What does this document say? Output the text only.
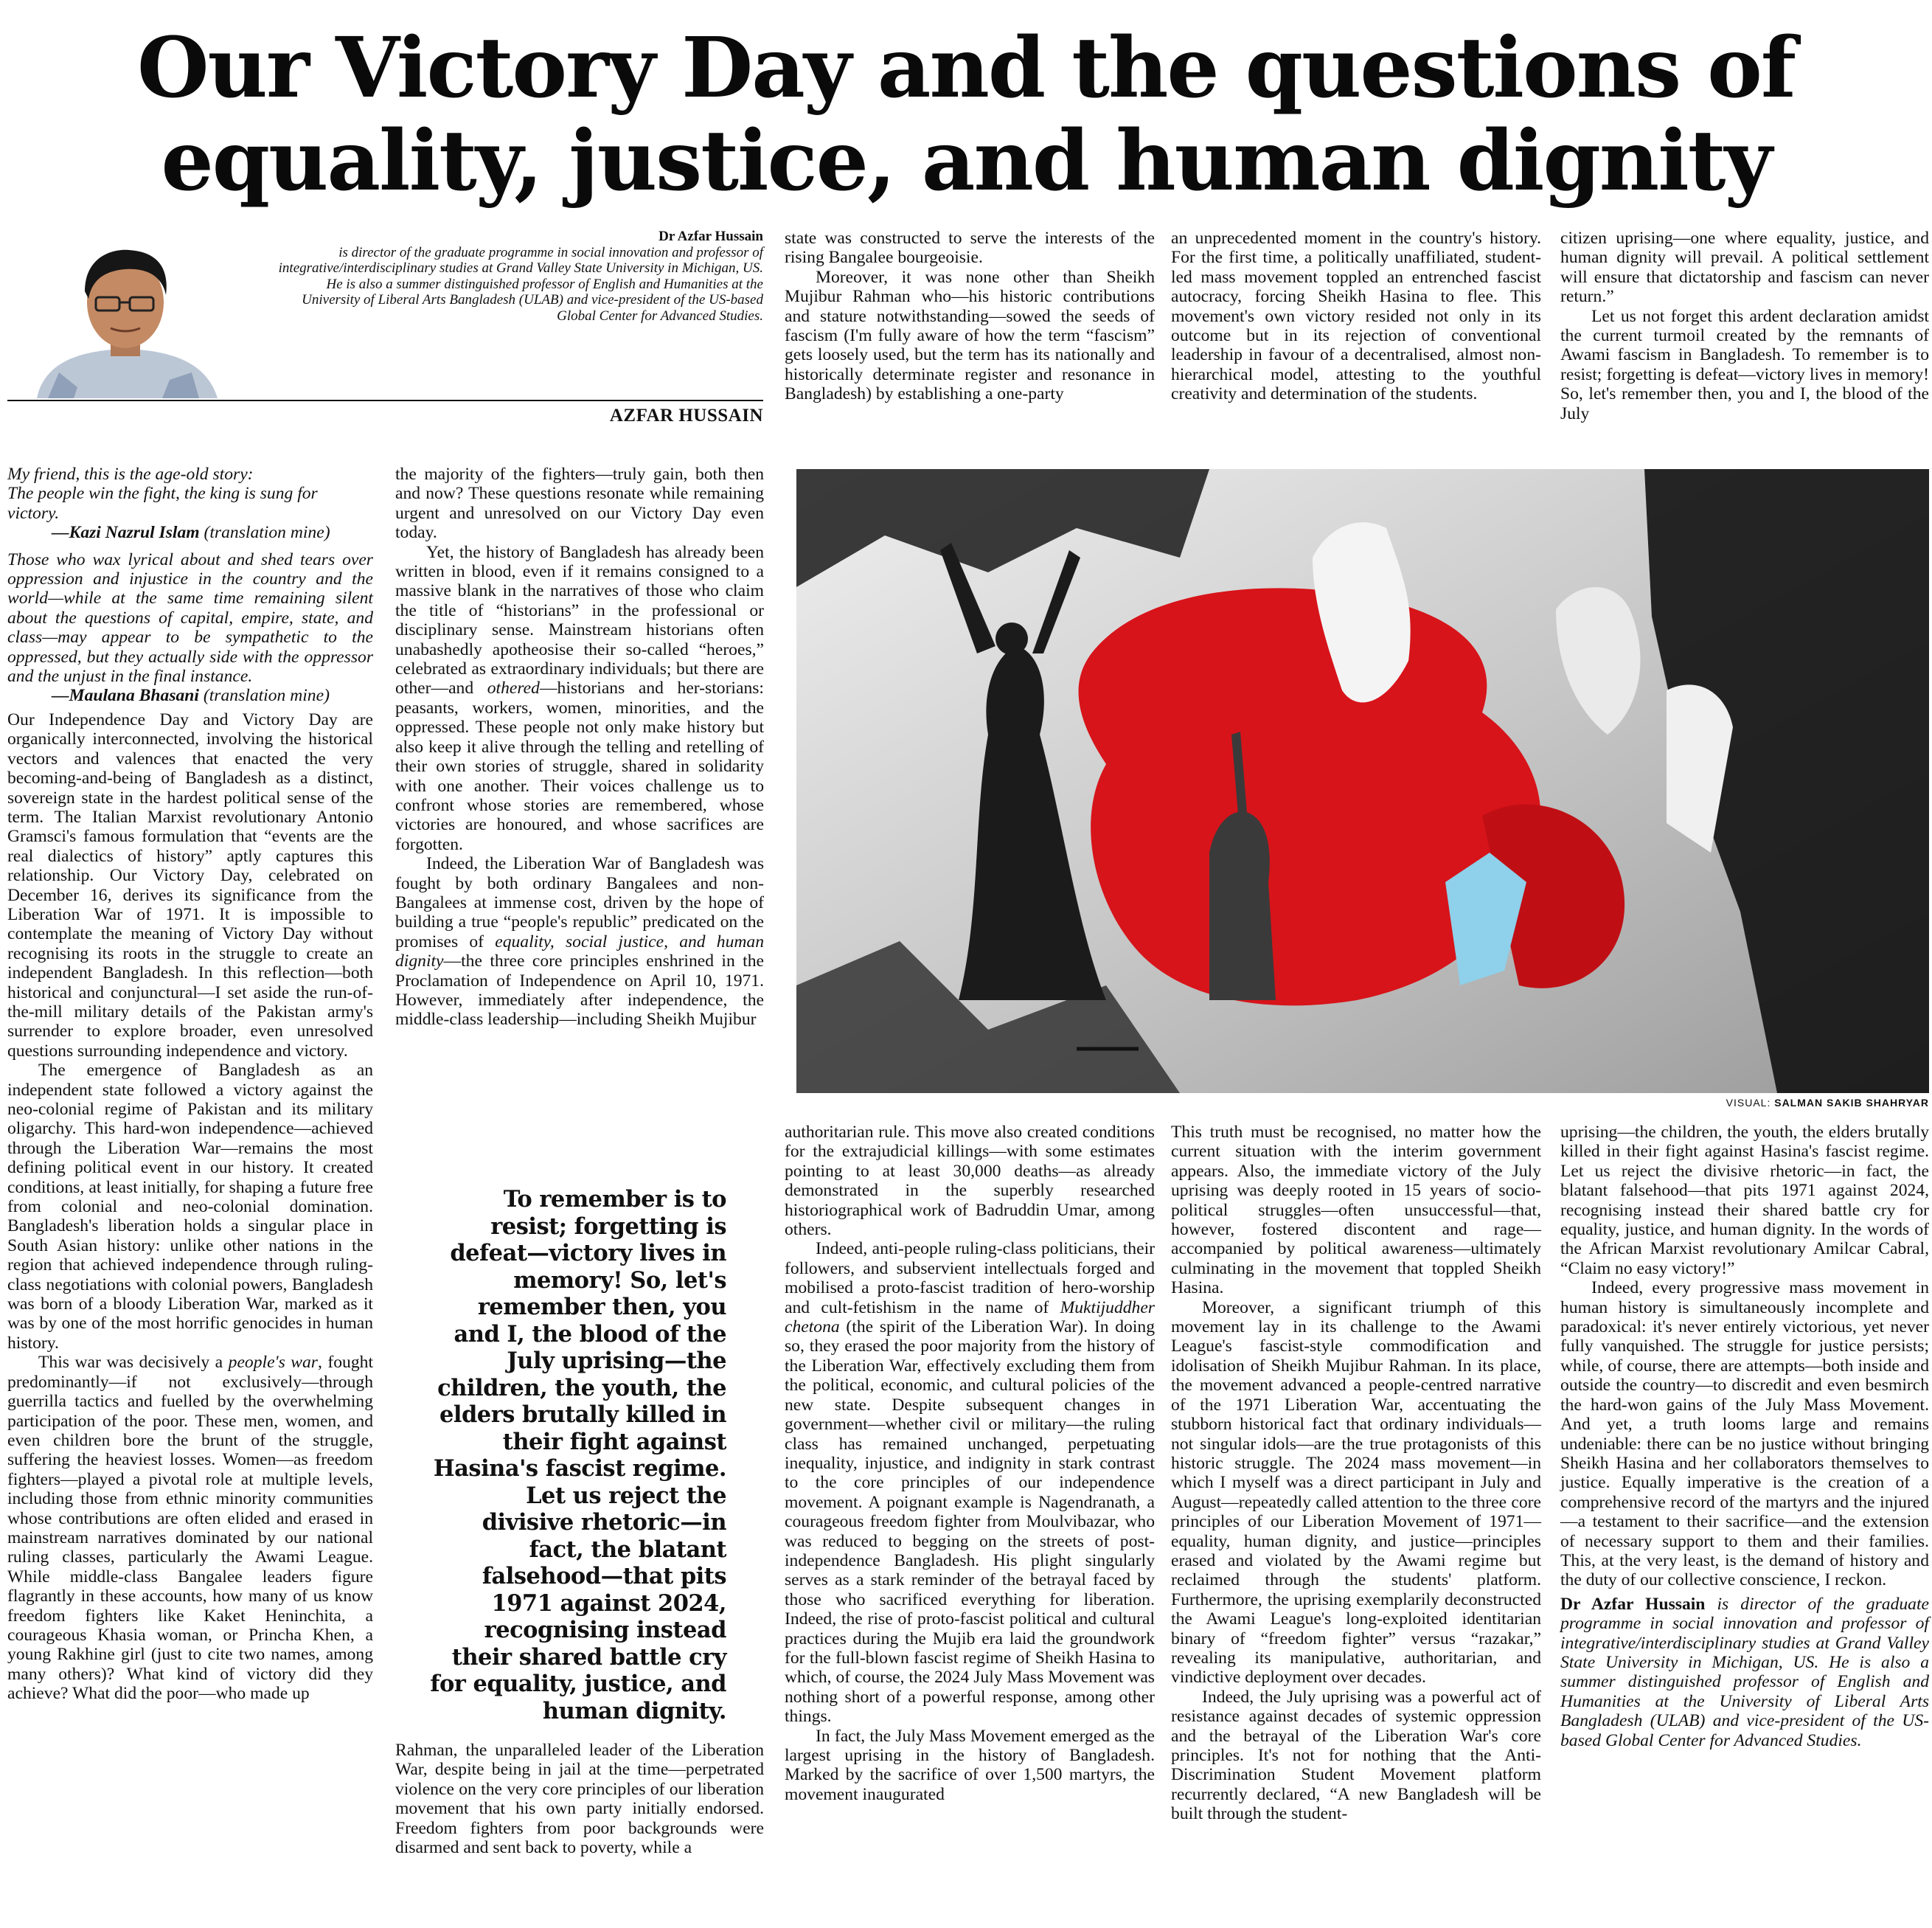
Our Victory Day and the questions of equality, justice, and human dignity
Dr Azfar Hussain
is director of the graduate programme in social innovation and professor of integrative/interdisciplinary studies at Grand Valley State University in Michigan, US. He is also a summer distinguished professor of English and Humanities at the University of Liberal Arts Bangladesh (ULAB) and vice-president of the US-based Global Center for Advanced Studies.
AZFAR HUSSAIN
My friend, this is the age-old story:
The people win the fight, the king is sung for victory.
—Kazi Nazrul Islam (translation mine)
Those who wax lyrical about and shed tears over oppression and injustice in the country and the world—while at the same time remaining silent about the questions of capital, empire, state, and class—may appear to be sympathetic to the oppressed, but they actually side with the oppressor and the unjust in the final instance.
—Maulana Bhasani (translation mine)

Our Independence Day and Victory Day are organically interconnected, involving the historical vectors and valences that enacted the very becoming-and-being of Bangladesh as a distinct, sovereign state in the hardest political sense of the term. The Italian Marxist revolutionary Antonio Gramsci's famous formulation that “events are the real dialectics of history” aptly captures this relationship. Our Victory Day, celebrated on December 16, derives its significance from the Liberation War of 1971. It is impossible to contemplate the meaning of Victory Day without recognising its roots in the struggle to create an independent Bangladesh. In this reflection—both historical and conjunctural—I set aside the run-of-the-mill military details of the Pakistan army's surrender to explore broader, even unresolved questions surrounding independence and victory.

The emergence of Bangladesh as an independent state followed a victory against the neo-colonial regime of Pakistan and its military oligarchy. This hard-won independence—achieved through the Liberation War—remains the most defining political event in our history. It created conditions, at least initially, for shaping a future free from colonial and neo-colonial domination. Bangladesh's liberation holds a singular place in South Asian history: unlike other nations in the region that achieved independence through ruling-class negotiations with colonial powers, Bangladesh was born of a bloody Liberation War, marked as it was by one of the most horrific genocides in human history.

This war was decisively a people's war, fought predominantly—if not exclusively—through guerrilla tactics and fuelled by the overwhelming participation of the poor. These men, women, and even children bore the brunt of the struggle, suffering the heaviest losses. Women—as freedom fighters—played a pivotal role at multiple levels, including those from ethnic minority communities whose contributions are often elided and erased in mainstream narratives dominated by our national ruling classes, particularly the Awami League. While middle-class Bangalee leaders figure flagrantly in these accounts, how many of us know freedom fighters like Kaket Heninchita, a courageous Khasia woman, or Princha Khen, a young Rakhine girl (just to cite two names, among many others)? What kind of victory did they achieve? What did the poor—who made up

the majority of the fighters—truly gain, both then and now? These questions resonate while remaining urgent and unresolved on our Victory Day even today.

Yet, the history of Bangladesh has already been written in blood, even if it remains consigned to a massive blank in the narratives of those who claim the title of “historians” in the professional or disciplinary sense. Mainstream historians often unabashedly apotheosise their so-called “heroes,” celebrated as extraordinary individuals; but there are other—and othered—historians and her-storians: peasants, workers, women, minorities, and the oppressed. These people not only make history but also keep it alive through the telling and retelling of their own stories of struggle, shared in solidarity with one another. Their voices challenge us to confront whose stories are remembered, whose victories are honoured, and whose sacrifices are forgotten.

Indeed, the Liberation War of Bangladesh was fought by both ordinary Bangalees and non-Bangalees at immense cost, driven by the hope of building a true “people's republic” predicated on the promises of equality, social justice, and human dignity—the three core principles enshrined in the Proclamation of Independence on April 10, 1971. However, immediately after independence, the middle-class leadership—including Sheikh Mujibur

To remember is to resist; forgetting is defeat—victory lives in memory! So, let's remember then, you and I, the blood of the July uprising—the children, the youth, the elders brutally killed in their fight against Hasina's fascist regime. Let us reject the divisive rhetoric—in fact, the blatant falsehood—that pits 1971 against 2024, recognising instead their shared battle cry for equality, justice, and human dignity.

Rahman, the unparalleled leader of the Liberation War, despite being in jail at the time—perpetrated violence on the very core principles of our liberation movement that his own party initially endorsed. Freedom fighters from poor backgrounds were disarmed and sent back to poverty, while a

state was constructed to serve the interests of the rising Bangalee bourgeoisie.

Moreover, it was none other than Sheikh Mujibur Rahman who—his historic contributions and stature notwithstanding—sowed the seeds of fascism (I'm fully aware of how the term “fascism” gets loosely used, but the term has its nationally and historically determinate register and resonance in Bangladesh) by establishing a one-party

an unprecedented moment in the country's history. For the first time, a politically unaffiliated, student-led mass movement toppled an entrenched fascist autocracy, forcing Sheikh Hasina to flee. This movement's own victory resided not only in its outcome but in its rejection of conventional leadership in favour of a decentralised, almost non-hierarchical model, attesting to the youthful creativity and determination of the students.

citizen uprising—one where equality, justice, and human dignity will prevail. A political settlement will ensure that dictatorship and fascism can never return.”

Let us not forget this ardent declaration amidst the current turmoil created by the remnants of Awami fascism in Bangladesh. To remember is to resist; forgetting is defeat—victory lives in memory! So, let's remember then, you and I, the blood of the July

VISUAL: SALMAN SAKIB SHAHRYAR

authoritarian rule. This move also created conditions for the extrajudicial killings—with some estimates pointing to at least 30,000 deaths—as already demonstrated in the superbly researched historiographical work of Badruddin Umar, among others.

Indeed, anti-people ruling-class politicians, their followers, and subservient intellectuals forged and mobilised a proto-fascist tradition of hero-worship and cult-fetishism in the name of Muktijuddher chetona (the spirit of the Liberation War). In doing so, they erased the poor majority from the history of the Liberation War, effectively excluding them from the political, economic, and cultural policies of the new state. Despite subsequent changes in government—whether civil or military—the ruling class has remained unchanged, perpetuating inequality, injustice, and indignity in stark contrast to the core principles of our independence movement. A poignant example is Nagendranath, a courageous freedom fighter from Moulvibazar, who was reduced to begging on the streets of post-independence Bangladesh. His plight singularly serves as a stark reminder of the betrayal faced by those who sacrificed everything for liberation. Indeed, the rise of proto-fascist political and cultural practices during the Mujib era laid the groundwork for the full-blown fascist regime of Sheikh Hasina to which, of course, the 2024 July Mass Movement was nothing short of a powerful response, among other things.

In fact, the July Mass Movement emerged as the largest uprising in the history of Bangladesh. Marked by the sacrifice of over 1,500 martyrs, the movement inaugurated

This truth must be recognised, no matter how the current situation with the interim government appears. Also, the immediate victory of the July uprising was deeply rooted in 15 years of socio-political struggles—often unsuccessful—that, however, fostered discontent and rage—accompanied by political awareness—ultimately culminating in the movement that toppled Sheikh Hasina.

Moreover, a significant triumph of this movement lay in its challenge to the Awami League's fascist-style commodification and idolisation of Sheikh Mujibur Rahman. In its place, the movement advanced a people-centred narrative of the 1971 Liberation War, accentuating the stubborn historical fact that ordinary individuals—not singular idols—are the true protagonists of this historic struggle. The 2024 mass movement—in which I myself was a direct participant in July and August—repeatedly called attention to the three core principles of our Liberation Movement of 1971—equality, human dignity, and justice—principles erased and violated by the Awami regime but reclaimed through the students' platform. Furthermore, the uprising exemplarily deconstructed the Awami League's long-exploited identitarian binary of “freedom fighter” versus “razakar,” revealing its manipulative, authoritarian, and vindictive deployment over decades.

Indeed, the July uprising was a powerful act of resistance against decades of systemic oppression and the betrayal of the Liberation War's core principles. It's not for nothing that the Anti-Discrimination Student Movement platform recurrently declared, “A new Bangladesh will be built through the student-

uprising—the children, the youth, the elders brutally killed in their fight against Hasina's fascist regime. Let us reject the divisive rhetoric—in fact, the blatant falsehood—that pits 1971 against 2024, recognising instead their shared battle cry for equality, justice, and human dignity. In the words of the African Marxist revolutionary Amilcar Cabral, “Claim no easy victory!”

Indeed, every progressive mass movement in human history is simultaneously incomplete and paradoxical: it's never entirely victorious, yet never fully vanquished. The struggle for justice persists; while, of course, there are attempts—both inside and outside the country—to discredit and even besmirch the hard-won gains of the July Mass Movement. And yet, a truth looms large and remains undeniable: there can be no justice without bringing Sheikh Hasina and her collaborators themselves to justice. Equally imperative is the creation of a comprehensive record of the martyrs and the injured—a testament to their sacrifice—and the extension of necessary support to them and their families. This, at the very least, is the demand of history and the duty of our collective conscience, I reckon.

Dr Azfar Hussain is director of the graduate programme in social innovation and professor of integrative/interdisciplinary studies at Grand Valley State University in Michigan, US. He is also a summer distinguished professor of English and Humanities at the University of Liberal Arts Bangladesh (ULAB) and vice-president of the US-based Global Center for Advanced Studies.
